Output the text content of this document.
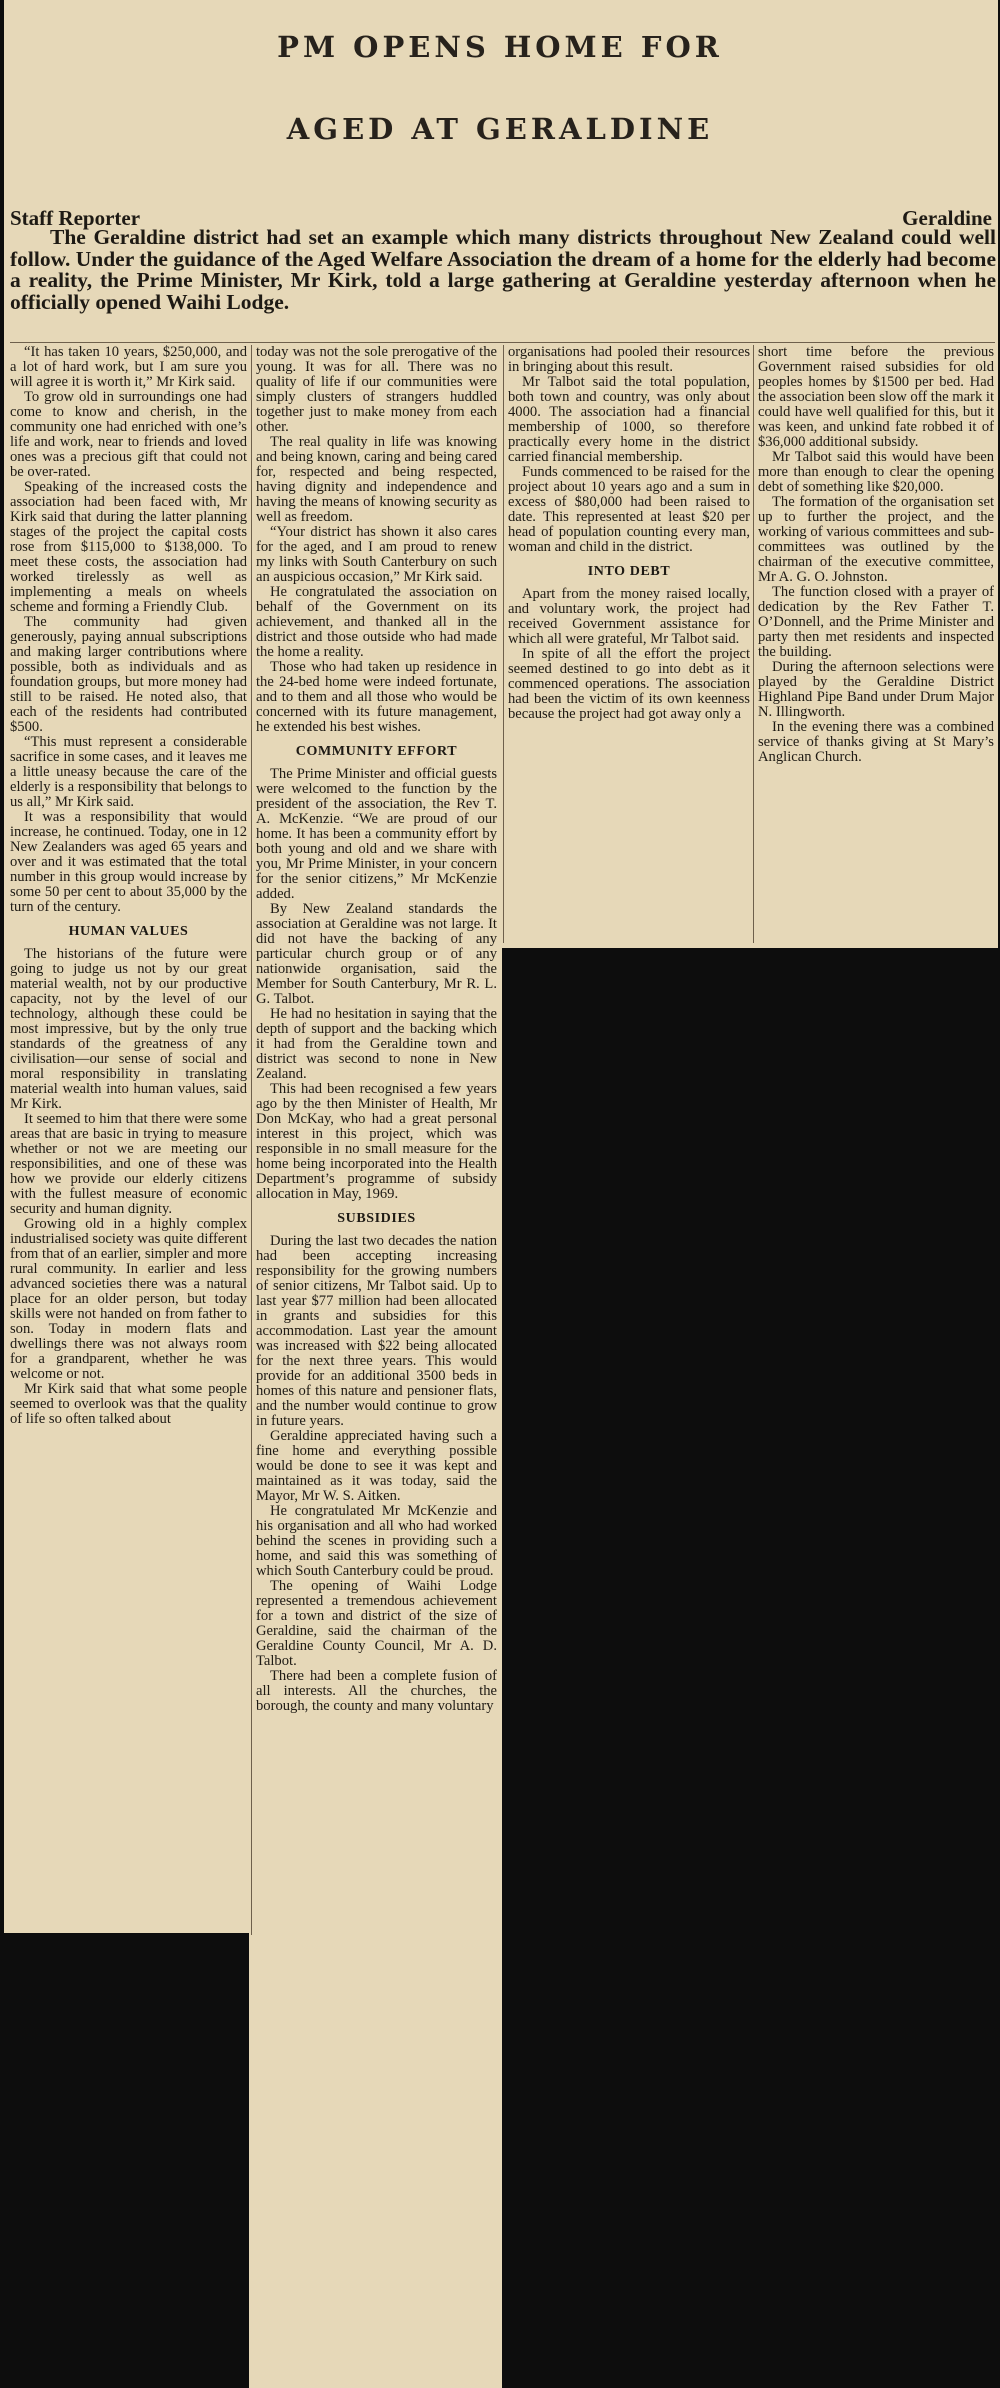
PM OPENS HOME FOR
AGED AT GERALDINE
Staff Reporter	Geraldine
The Geraldine district had set an example which many districts throughout New Zealand could well follow. Under the guidance of the Aged Welfare Association the dream of a home for the elderly had become a reality, the Prime Minister, Mr Kirk, told a large gathering at Geraldine yesterday afternoon when he officially opened Waihi Lodge.

“It has taken 10 years, $250,000, and a lot of hard work, but I am sure you will agree it is worth it,” Mr Kirk said.

To grow old in surroundings one had come to know and cherish, in the community one had enriched with one’s life and work, near to friends and loved ones was a precious gift that could not be over-rated.

Speaking of the increased costs the association had been faced with, Mr Kirk said that during the latter planning stages of the project the capital costs rose from $115,000 to $138,000. To meet these costs, the association had worked tirelessly as well as implementing a meals on wheels scheme and forming a Friendly Club.

The community had given generously, paying annual subscriptions and making larger contributions where possible, both as individuals and as foundation groups, but more money had still to be raised. He noted also, that each of the residents had contributed $500.

“This must represent a considerable sacrifice in some cases, and it leaves me a little uneasy because the care of the elderly is a responsibility that belongs to us all,” Mr Kirk said.

It was a responsibility that would increase, he continued. Today, one in 12 New Zealanders was aged 65 years and over and it was estimated that the total number in this group would increase by some 50 per cent to about 35,000 by the turn of the century.

HUMAN VALUES

The historians of the future were going to judge us not by our great material wealth, not by our productive capacity, not by the level of our technology, although these could be most impressive, but by the only true standards of the greatness of any civilisation—our sense of social and moral responsibility in translating material wealth into human values, said Mr Kirk.

It seemed to him that there were some areas that are basic in trying to measure whether or not we are meeting our responsibilities, and one of these was how we provide our elderly citizens with the fullest measure of economic security and human dignity.

Growing old in a highly complex industrialised society was quite different from that of an earlier, simpler and more rural community. In earlier and less advanced societies there was a natural place for an older person, but today skills were not handed on from father to son. Today in modern flats and dwellings there was not always room for a grandparent, whether he was welcome or not.

Mr Kirk said that what some people seemed to overlook was that the quality of life so often talked about

today was not the sole prerogative of the young. It was for all. There was no quality of life if our communities were simply clusters of strangers huddled together just to make money from each other.

The real quality in life was knowing and being known, caring and being cared for, respected and being respected, having dignity and independence and having the means of knowing security as well as freedom.

“Your district has shown it also cares for the aged, and I am proud to renew my links with South Canterbury on such an auspicious occasion,” Mr Kirk said.

He congratulated the association on behalf of the Government on its achievement, and thanked all in the district and those outside who had made the home a reality.

Those who had taken up residence in the 24-bed home were indeed fortunate, and to them and all those who would be concerned with its future management, he extended his best wishes.

COMMUNITY EFFORT

The Prime Minister and official guests were welcomed to the function by the president of the association, the Rev T. A. McKenzie. “We are proud of our home. It has been a community effort by both young and old and we share with you, Mr Prime Minister, in your concern for the senior citizens,” Mr McKenzie added.

By New Zealand standards the association at Geraldine was not large. It did not have the backing of any particular church group or of any nationwide organisation, said the Member for South Canterbury, Mr R. L. G. Talbot.

He had no hesitation in saying that the depth of support and the backing which it had from the Geraldine town and district was second to none in New Zealand.

This had been recognised a few years ago by the then Minister of Health, Mr Don McKay, who had a great personal interest in this project, which was responsible in no small measure for the home being incorporated into the Health Department’s programme of subsidy allocation in May, 1969.

SUBSIDIES

During the last two decades the nation had been accepting increasing responsibility for the growing numbers of senior citizens, Mr Talbot said. Up to last year $77 million had been allocated in grants and subsidies for this accommodation. Last year the amount was increased with $22 being allocated for the next three years. This would provide for an additional 3500 beds in homes of this nature and pensioner flats, and the number would continue to grow in future years.

Geraldine appreciated having such a fine home and everything possible would be done to see it was kept and maintained as it was today, said the Mayor, Mr W. S. Aitken.

He congratulated Mr McKenzie and his organisation and all who had worked behind the scenes in providing such a home, and said this was something of which South Canterbury could be proud.

The opening of Waihi Lodge represented a tremendous achievement for a town and district of the size of Geraldine, said the chairman of the Geraldine County Council, Mr A. D. Talbot.

There had been a complete fusion of all interests. All the churches, the borough, the county and many voluntary

organisations had pooled their resources in bringing about this result.

Mr Talbot said the total population, both town and country, was only about 4000. The association had a financial membership of 1000, so therefore practically every home in the district carried financial membership.

Funds commenced to be raised for the project about 10 years ago and a sum in excess of $80,000 had been raised to date. This represented at least $20 per head of population counting every man, woman and child in the district.

INTO DEBT

Apart from the money raised locally, and voluntary work, the project had received Government assistance for which all were grateful, Mr Talbot said.

In spite of all the effort the project seemed destined to go into debt as it commenced operations. The association had been the victim of its own keenness because the project had got away only a

short time before the previous Government raised subsidies for old peoples homes by $1500 per bed. Had the association been slow off the mark it could have well qualified for this, but it was keen, and unkind fate robbed it of $36,000 additional subsidy.

Mr Talbot said this would have been more than enough to clear the opening debt of something like $20,000.

The formation of the organisation set up to further the project, and the working of various committees and sub-committees was outlined by the chairman of the executive committee, Mr A. G. O. Johnston.

The function closed with a prayer of dedication by the Rev Father T. O’Donnell, and the Prime Minister and party then met residents and inspected the building.

During the afternoon selections were played by the Geraldine District Highland Pipe Band under Drum Major N. Illingworth.

In the evening there was a combined service of thanks giving at St Mary’s Anglican Church.
